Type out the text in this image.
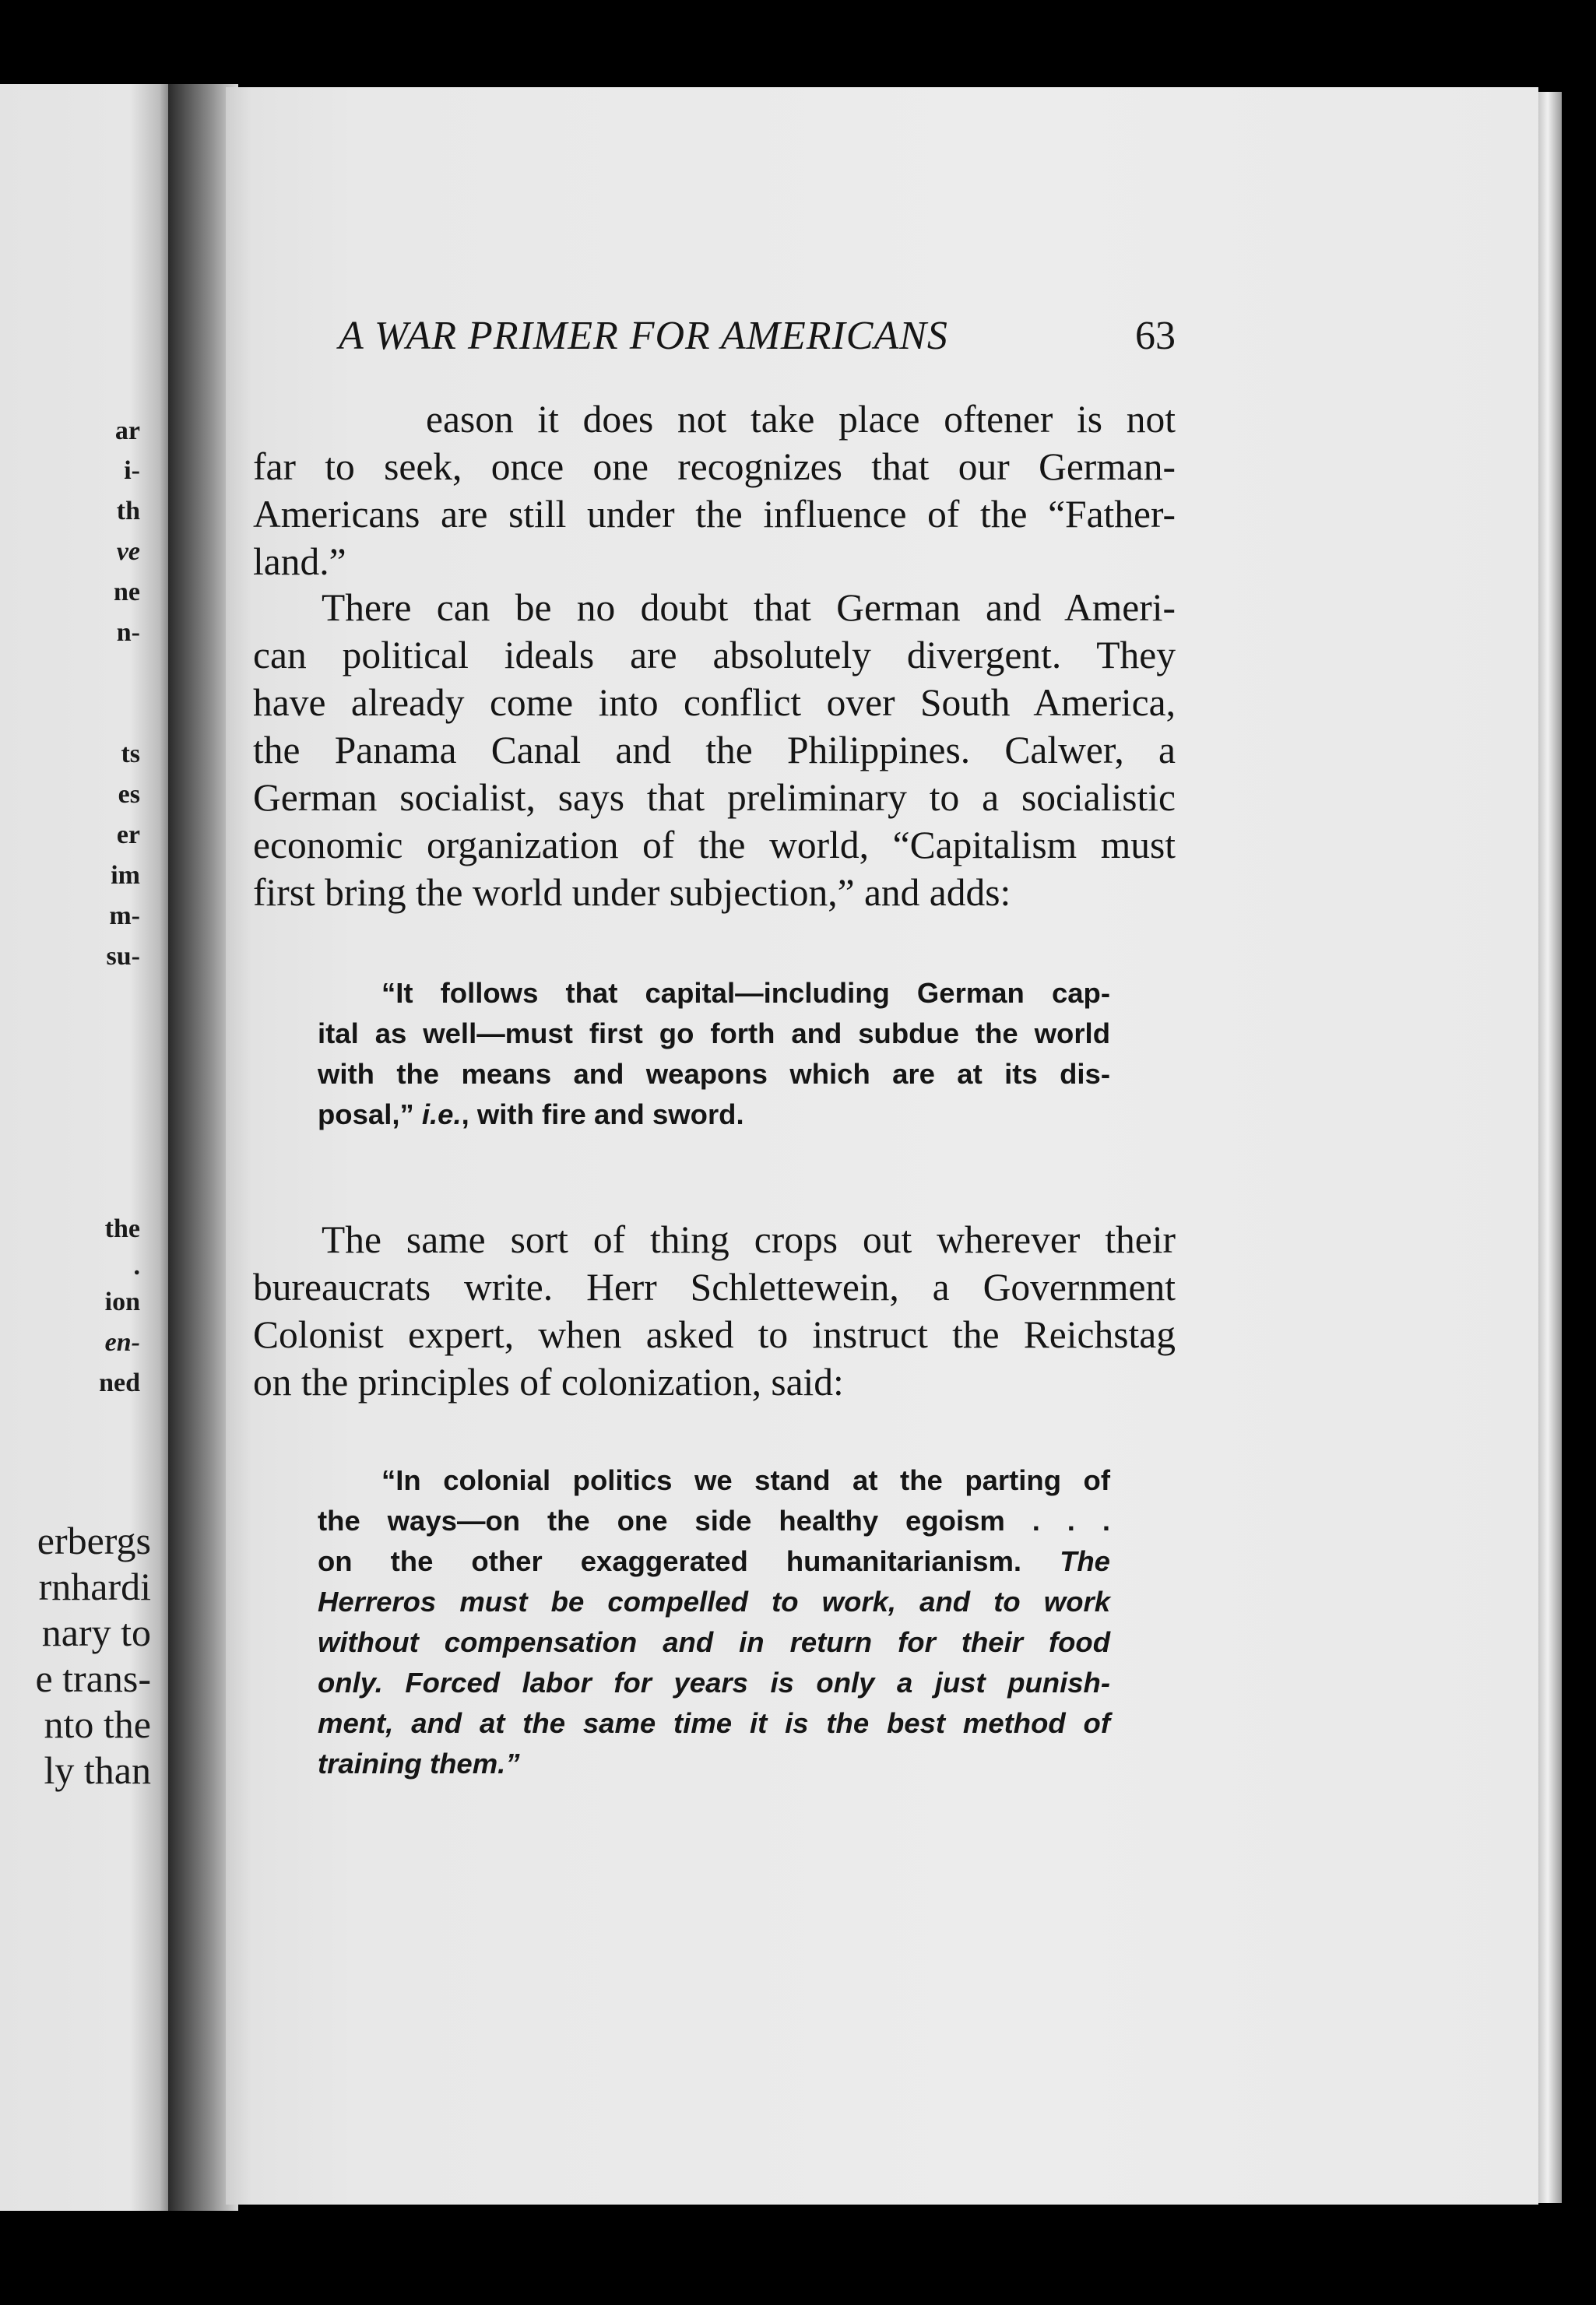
ar
i-
th
ve
ne
n-
ts
es
er
im
m-
su-
the
.
ion
en-
ned
erbergs
rnhardi
nary to
e trans-
nto the
ly than
A WAR PRIMER FOR AMERICANS	63

eason it does not take place oftener is not
far to seek, once one recognizes that our German-
Americans are still under the influence of the “Father-
land.”

There can be no doubt that German and Ameri-
can political ideals are absolutely divergent. They
have already come into conflict over South America,
the Panama Canal and the Philippines. Calwer, a
German socialist, says that preliminary to a socialistic
economic organization of the world, “Capitalism must
first bring the world under subjection,” and adds:

“It follows that capital—including German cap-
ital as well—must first go forth and subdue the world
with the means and weapons which are at its dis-
posal,” i.e., with fire and sword.

The same sort of thing crops out wherever their
bureaucrats write. Herr Schlettewein, a Government
Colonist expert, when asked to instruct the Reichstag
on the principles of colonization, said:

“In colonial politics we stand at the parting of
the ways—on the one side healthy egoism . . .
on the other exaggerated humanitarianism. The
Herreros must be compelled to work, and to work
without compensation and in return for their food
only. Forced labor for years is only a just punish-
ment, and at the same time it is the best method of
training them.”
